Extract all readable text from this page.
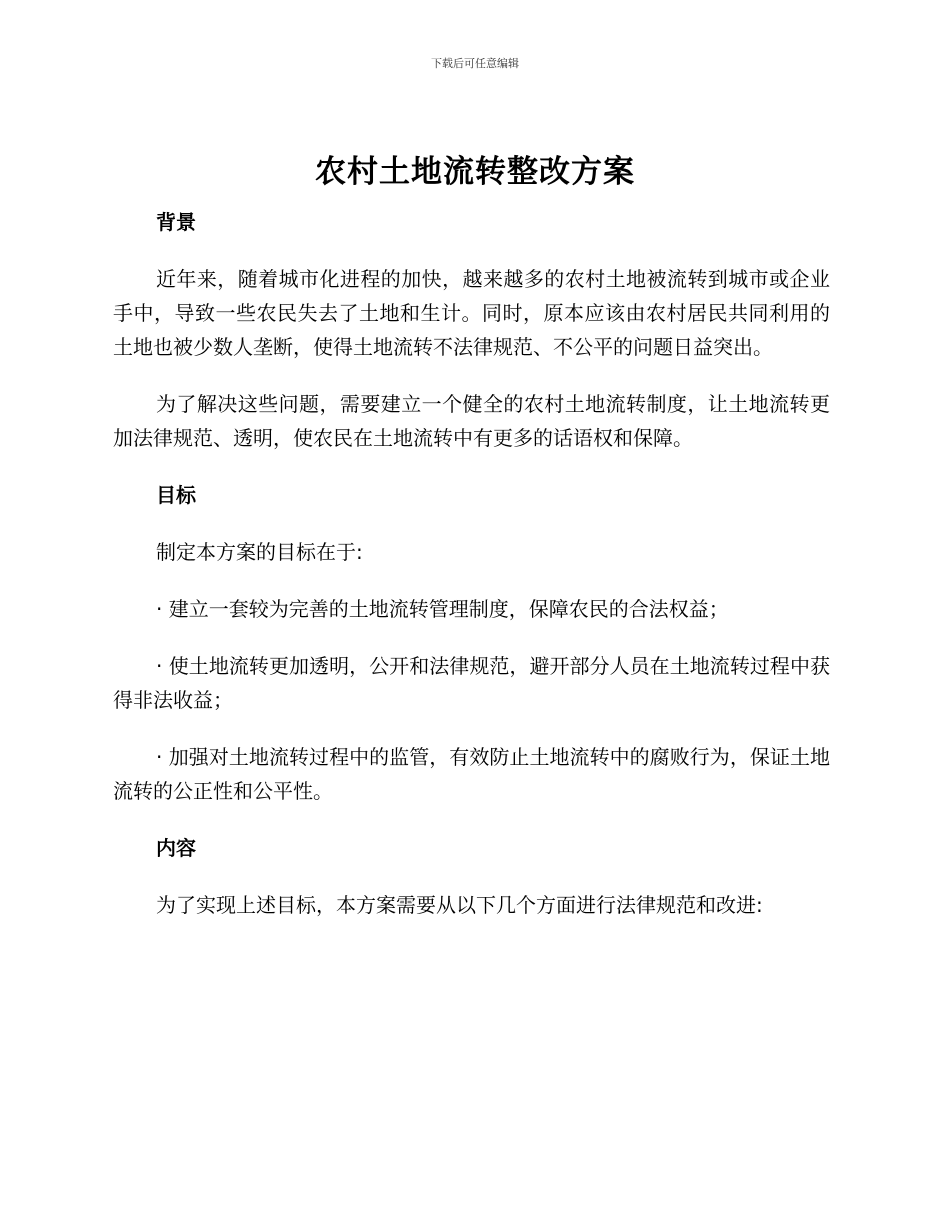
下载后可任意编辑
农村土地流转整改方案
背景

近年来，随着城市化进程的加快，越来越多的农村土地被流转到城市或企业手中，导致一些农民失去了土地和生计。同时，原本应该由农村居民共同利用的土地也被少数人垄断，使得土地流转不法律规范、不公平的问题日益突出。

为了解决这些问题，需要建立一个健全的农村土地流转制度，让土地流转更加法律规范、透明，使农民在土地流转中有更多的话语权和保障。

目标

制定本方案的目标在于:

· 建立一套较为完善的土地流转管理制度，保障农民的合法权益；

· 使土地流转更加透明，公开和法律规范，避开部分人员在土地流转过程中获得非法收益；

· 加强对土地流转过程中的监管，有效防止土地流转中的腐败行为，保证土地流转的公正性和公平性。

内容

为了实现上述目标，本方案需要从以下几个方面进行法律规范和改进:
